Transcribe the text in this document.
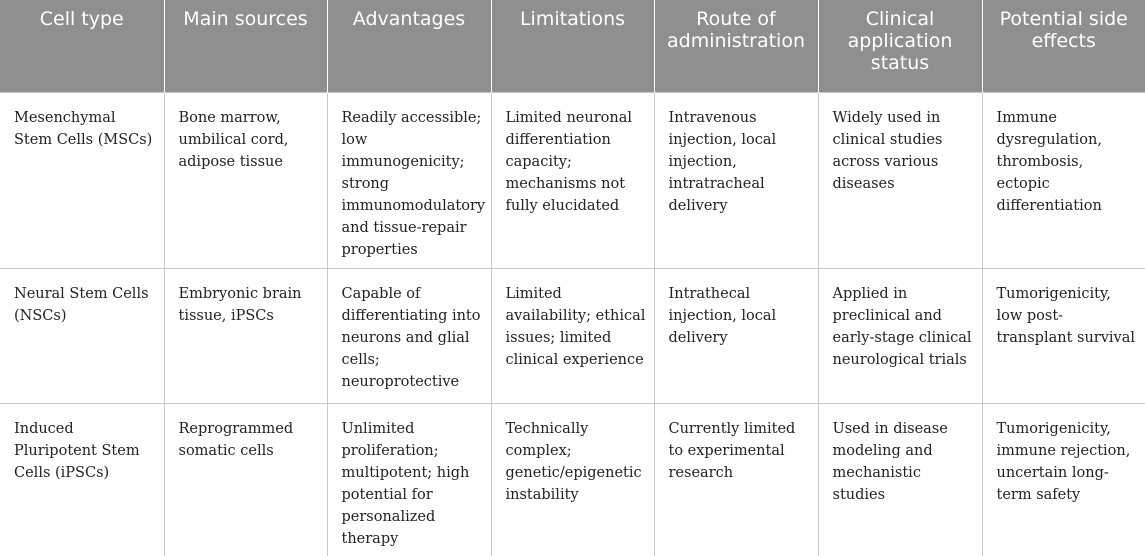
Cell type	Main sources	Advantages	Limitations	Route of administration	Clinical application status	Potential side effects
Mesenchymal Stem Cells (MSCs)	Bone marrow, umbilical cord, adipose tissue	Readily accessible; low immunogenicity; strong immunomodulatory and tissue-repair properties	Limited neuronal differentiation capacity; mechanisms not fully elucidated	Intravenous injection, local injection, intratracheal delivery	Widely used in clinical studies across various diseases	Immune dysregulation, thrombosis, ectopic differentiation
Neural Stem Cells (NSCs)	Embryonic brain tissue, iPSCs	Capable of differentiating into neurons and glial cells; neuroprotective	Limited availability; ethical issues; limited clinical experience	Intrathecal injection, local delivery	Applied in preclinical and early-stage clinical neurological trials	Tumorigenicity, low post-transplant survival
Induced Pluripotent Stem Cells (iPSCs)	Reprogrammed somatic cells	Unlimited proliferation; multipotent; high potential for personalized therapy	Technically complex; genetic/epigenetic instability	Currently limited to experimental research	Used in disease modeling and mechanistic studies	Tumorigenicity, immune rejection, uncertain long-term safety
